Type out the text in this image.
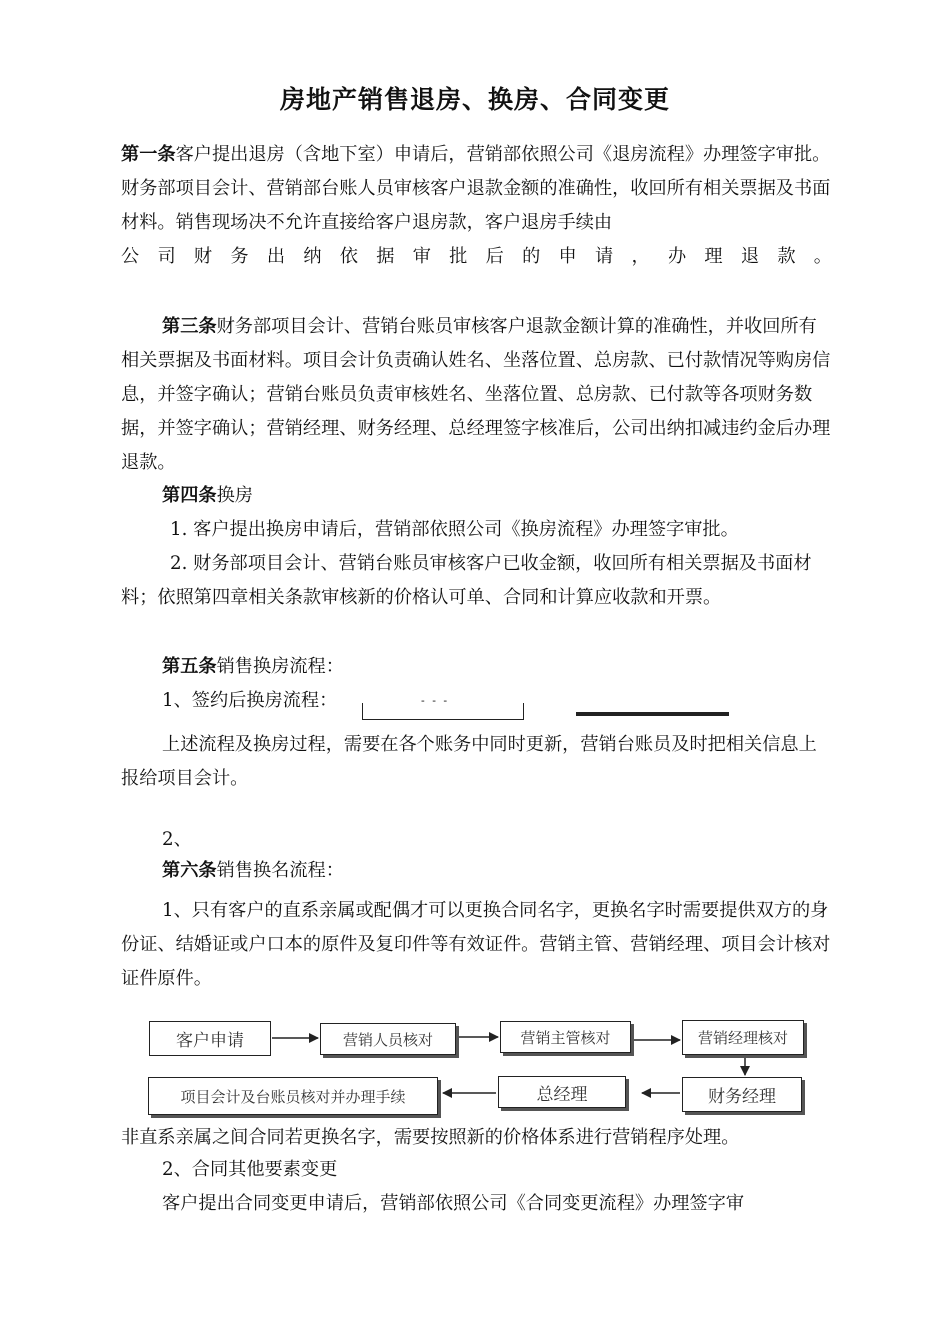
房地产销售退房、换房、合同变更
第一条客户提出退房（含地下室）申请后，营销部依照公司《退房流程》办理签字审批。财务部项目会计、营销部台账人员审核客户退款金额的准确性，收回所有相关票据及书面材料。销售现场决不允许直接给客户退房款，客户退房手续由
公司财务出纳依据审批后的申请，办理退款。
第三条财务部项目会计、营销台账员审核客户退款金额计算的准确性，并收回所有相关票据及书面材料。项目会计负责确认姓名、坐落位置、总房款、已付款情况等购房信息，并签字确认；营销台账员负责审核姓名、坐落位置、总房款、已付款等各项财务数据，并签字确认；营销经理、财务经理、总经理签字核准后，公司出纳扣减违约金后办理退款。
第四条换房
1. 客户提出换房申请后，营销部依照公司《换房流程》办理签字审批。
2. 财务部项目会计、营销台账员审核客户已收金额，收回所有相关票据及书面材料；依照第四章相关条款审核新的价格认可单、合同和计算应收款和开票。
第五条销售换房流程：
1、签约后换房流程：	- - -
上述流程及换房过程，需要在各个账务中同时更新，营销台账员及时把相关信息上报给项目会计。
2、
第六条销售换名流程：
1、只有客户的直系亲属或配偶才可以更换合同名字，更换名字时需要提供双方的身份证、结婚证或户口本的原件及复印件等有效证件。营销主管、营销经理、项目会计核对证件原件。
客户申请	营销人员核对	营销主管核对	营销经理核对
财务经理
总经理
项目会计及台账员核对并办理手续
非直系亲属之间合同若更换名字，需要按照新的价格体系进行营销程序处理。
2、合同其他要素变更
客户提出合同变更申请后，营销部依照公司《合同变更流程》办理签字审
